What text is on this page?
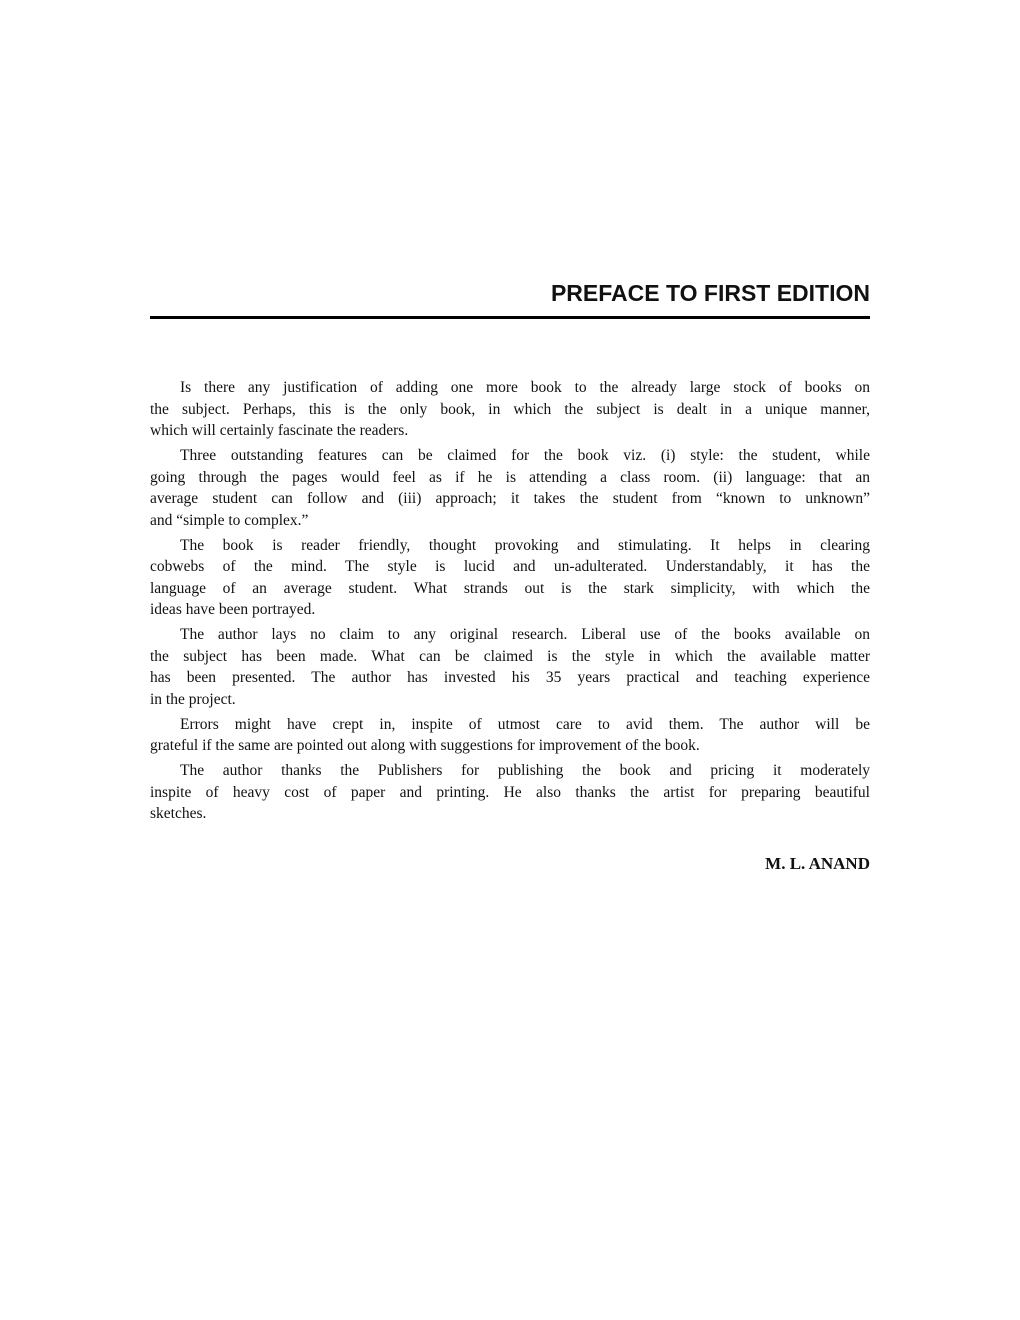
PREFACE TO FIRST EDITION
Is there any justification of adding one more book to the already large stock of books on
the subject. Perhaps, this is the only book, in which the subject is dealt in a unique manner,
which will certainly fascinate the readers.
Three outstanding features can be claimed for the book viz. (i) style: the student, while
going through the pages would feel as if he is attending a class room. (ii) language: that an
average student can follow and (iii) approach; it takes the student from “known to unknown”
and “simple to complex.”
The book is reader friendly, thought provoking and stimulating. It helps in clearing
cobwebs of the mind. The style is lucid and un-adulterated. Understandably, it has the
language of an average student. What strands out is the stark simplicity, with which the
ideas have been portrayed.
The author lays no claim to any original research. Liberal use of the books available on
the subject has been made. What can be claimed is the style in which the available matter
has been presented. The author has invested his 35 years practical and teaching experience
in the project.
Errors might have crept in, inspite of utmost care to avid them. The author will be
grateful if the same are pointed out along with suggestions for improvement of the book.
The author thanks the Publishers for publishing the book and pricing it moderately
inspite of heavy cost of paper and printing. He also thanks the artist for preparing beautiful
sketches.
M. L. ANAND
